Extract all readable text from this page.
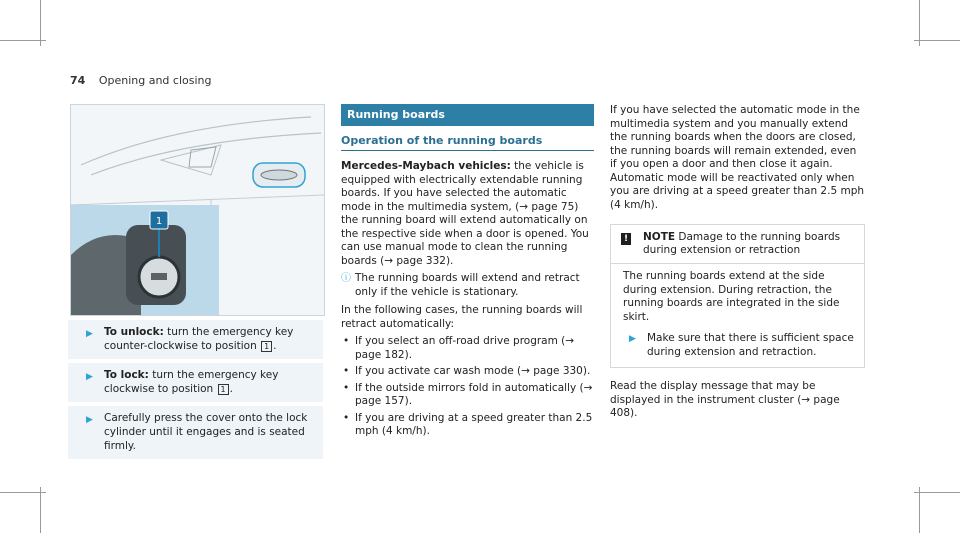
74 Opening and closing
1
▶ To unlock: turn the emergency key counter-clockwise to position 1 .
▶ To lock: turn the emergency key clockwise to position 1 .
▶ Carefully press the cover onto the lock cylinder until it engages and is seated firmly.
Running boards
Operation of the running boards
Mercedes-Maybach vehicles: the vehicle is equipped with electrically extendable running boards. If you have selected the automatic mode in the multimedia system, (→ page 75) the running board will extend automatically on the respective side when a door is opened. You can use manual mode to clean the running boards (→ page 332).
ⓘ The running boards will extend and retract only if the vehicle is stationary.
In the following cases, the running boards will retract automatically:
• If you select an off-road drive program (→ page 182).
• If you activate car wash mode (→ page 330).
• If the outside mirrors fold in automatically (→ page 157).
• If you are driving at a speed greater than 2.5 mph (4 km/h).
If you have selected the automatic mode in the multimedia system and you manually extend the running boards when the doors are closed, the running boards will remain extended, even if you open a door and then close it again. Automatic mode will be reactivated only when you are driving at a speed greater than 2.5 mph (4 km/h).
! NOTE Damage to the running boards during extension or retraction
The running boards extend at the side during extension. During retraction, the running boards are integrated in the side skirt.
▶ Make sure that there is sufficient space during extension and retraction.
Read the display message that may be displayed in the instrument cluster (→ page 408).
